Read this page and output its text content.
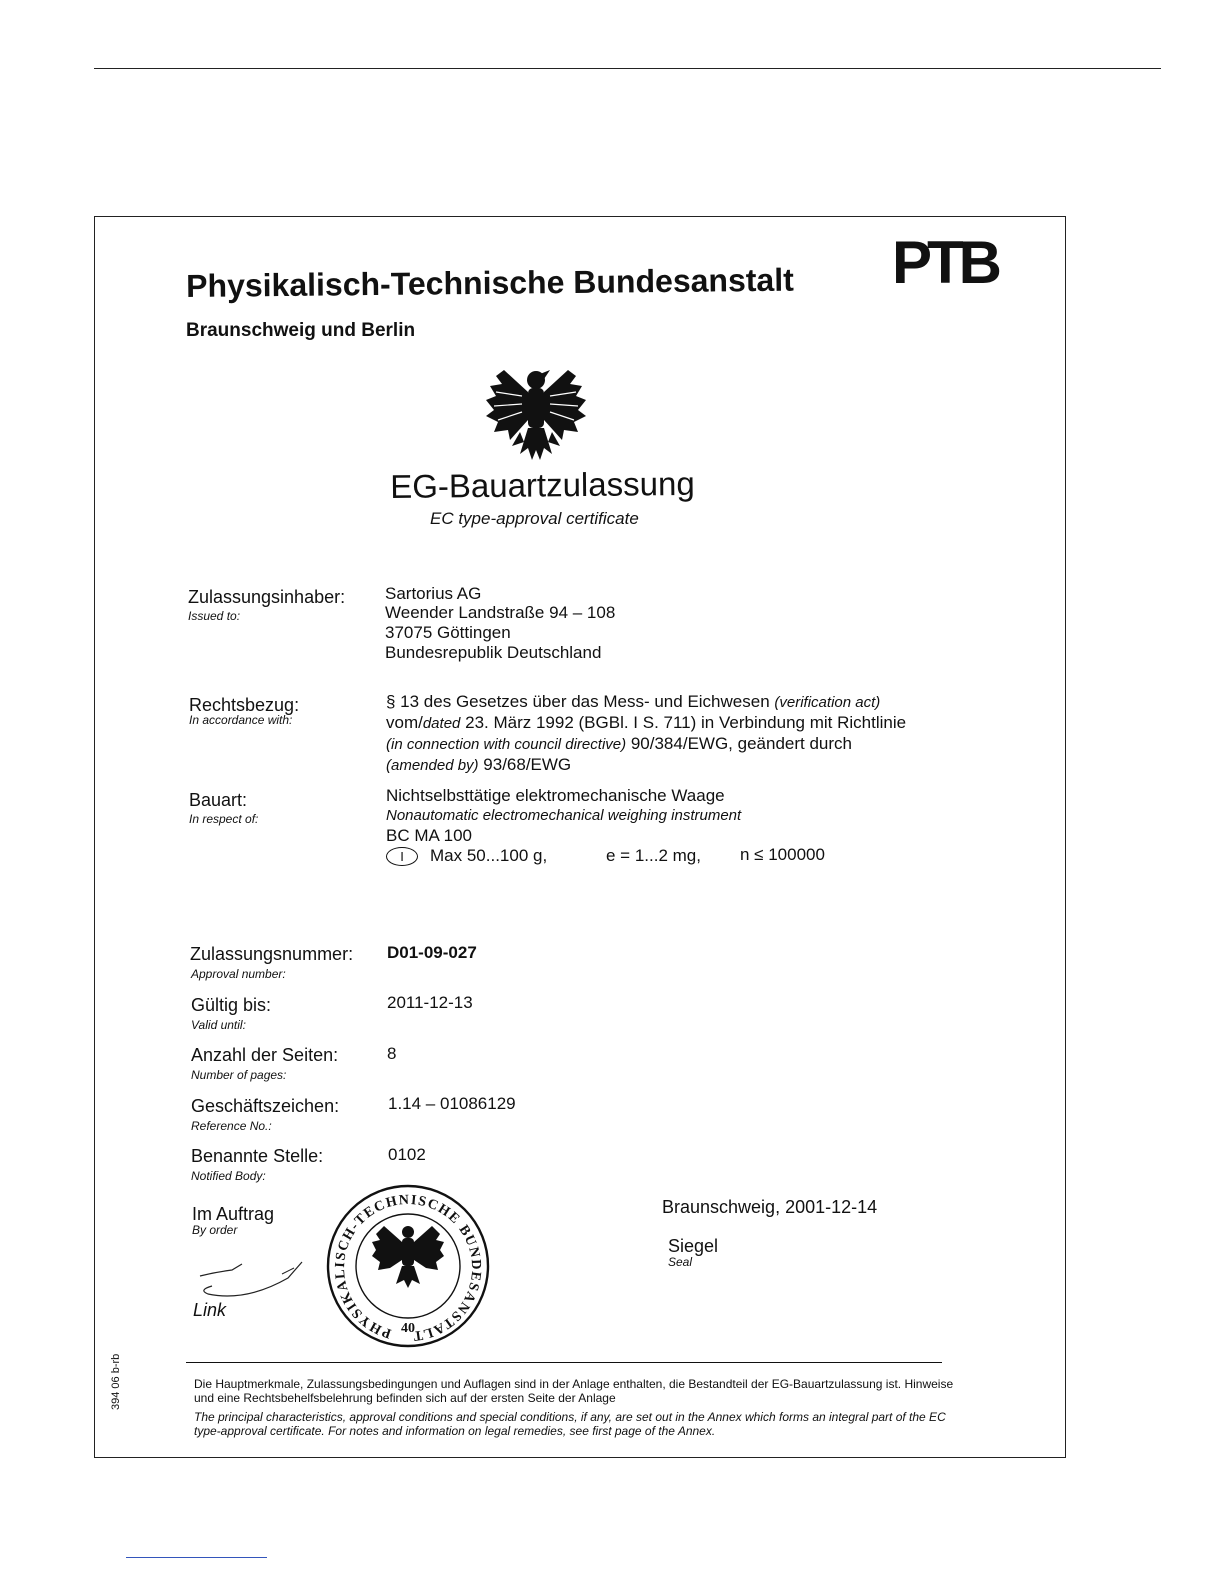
Physikalisch-Technische Bundesanstalt
Braunschweig und Berlin
PTB
EG-Bauartzulassung
EC type-approval certificate
Zulassungsinhaber:
Issued to:
Sartorius AG
Weender Landstraße 94 – 108
37075 Göttingen
Bundesrepublik Deutschland
Rechtsbezug:
In accordance with:
§ 13 des Gesetzes über das Mess- und Eichwesen (verification act)
vom/dated 23. März 1992 (BGBl. I S. 711) in Verbindung mit Richtlinie
(in connection with council directive) 90/384/EWG, geändert durch
(amended by) 93/68/EWG
Bauart:
In respect of:
Nichtselbsttätige elektromechanische Waage
Nonautomatic electromechanical weighing instrument
BC MA 100
I Max 50...100 g,	e = 1...2 mg, n ≤ 100000
Zulassungsnummer:
Approval number:
D01-09-027
Gültig bis:
Valid until:
2011-12-13
Anzahl der Seiten:
Number of pages:
8
Geschäftszeichen:
Reference No.:
1.14 – 01086129
Benannte Stelle:
Notified Body:
0102
Im Auftrag
By order
Link
PHYSIKALISCH-TECHNISCHE BUNDESANSTALT
40
Braunschweig, 2001-12-14
Siegel
Seal
Die Hauptmerkmale, Zulassungsbedingungen und Auflagen sind in der Anlage enthalten, die Bestandteil der EG-Bauartzulassung ist. Hinweise und eine Rechtsbehelfsbelehrung befinden sich auf der ersten Seite der Anlage
The principal characteristics, approval conditions and special conditions, if any, are set out in the Annex which forms an integral part of the EC type-approval certificate. For notes and information on legal remedies, see first page of the Annex.
394 06 b-rb
